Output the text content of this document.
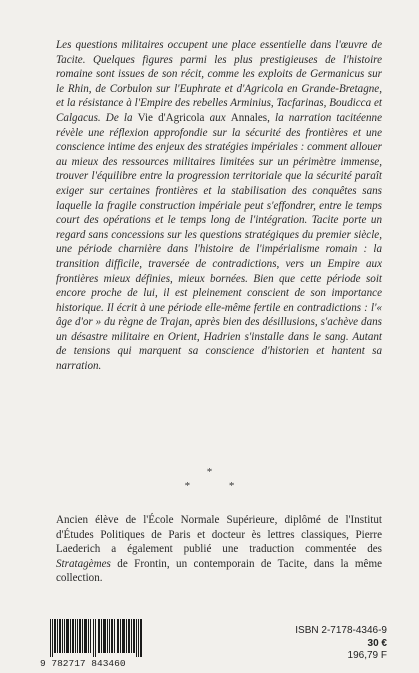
Les questions militaires occupent une place essentielle dans l'œuvre de Tacite. Quelques figures parmi les plus prestigieuses de l'histoire romaine sont issues de son récit, comme les exploits de Germanicus sur le Rhin, de Corbulon sur l'Euphrate et d'Agricola en Grande-Bretagne, et la résistance à l'Empire des rebelles Arminius, Tacfarinas, Boudicca et Calgacus. De la Vie d'Agricola aux Annales, la narration tacitéenne révèle une réflexion approfondie sur la sécurité des frontières et une conscience intime des enjeux des stratégies impériales : comment allouer au mieux des ressources militaires limitées sur un périmètre immense, trouver l'équilibre entre la progression territoriale que la sécurité paraît exiger sur certaines frontières et la stabilisation des conquêtes sans laquelle la fragile construction impériale peut s'effondrer, entre le temps court des opérations et le temps long de l'intégration. Tacite porte un regard sans concessions sur les questions stratégiques du premier siècle, une période charnière dans l'histoire de l'impérialisme romain : la transition difficile, traversée de contradictions, vers un Empire aux frontières mieux définies, mieux bornées. Bien que cette période soit encore proche de lui, il est pleinement conscient de son importance historique. Il écrit à une période elle-même fertile en contradictions : l'« âge d'or » du règne de Trajan, après bien des désillusions, s'achève dans un désastre militaire en Orient, Hadrien s'installe dans le sang. Autant de tensions qui marquent sa conscience d'historien et hantent sa narration.

*
* *

Ancien élève de l'École Normale Supérieure, diplômé de l'Institut d'Études Politiques de Paris et docteur ès lettres classiques, Pierre Laederich a également publié une traduction commentée des Stratagèmes de Frontin, un contemporain de Tacite, dans la même collection.

9 782717 843460
ISBN 2-7178-4346-9
30 €
196,79 F
